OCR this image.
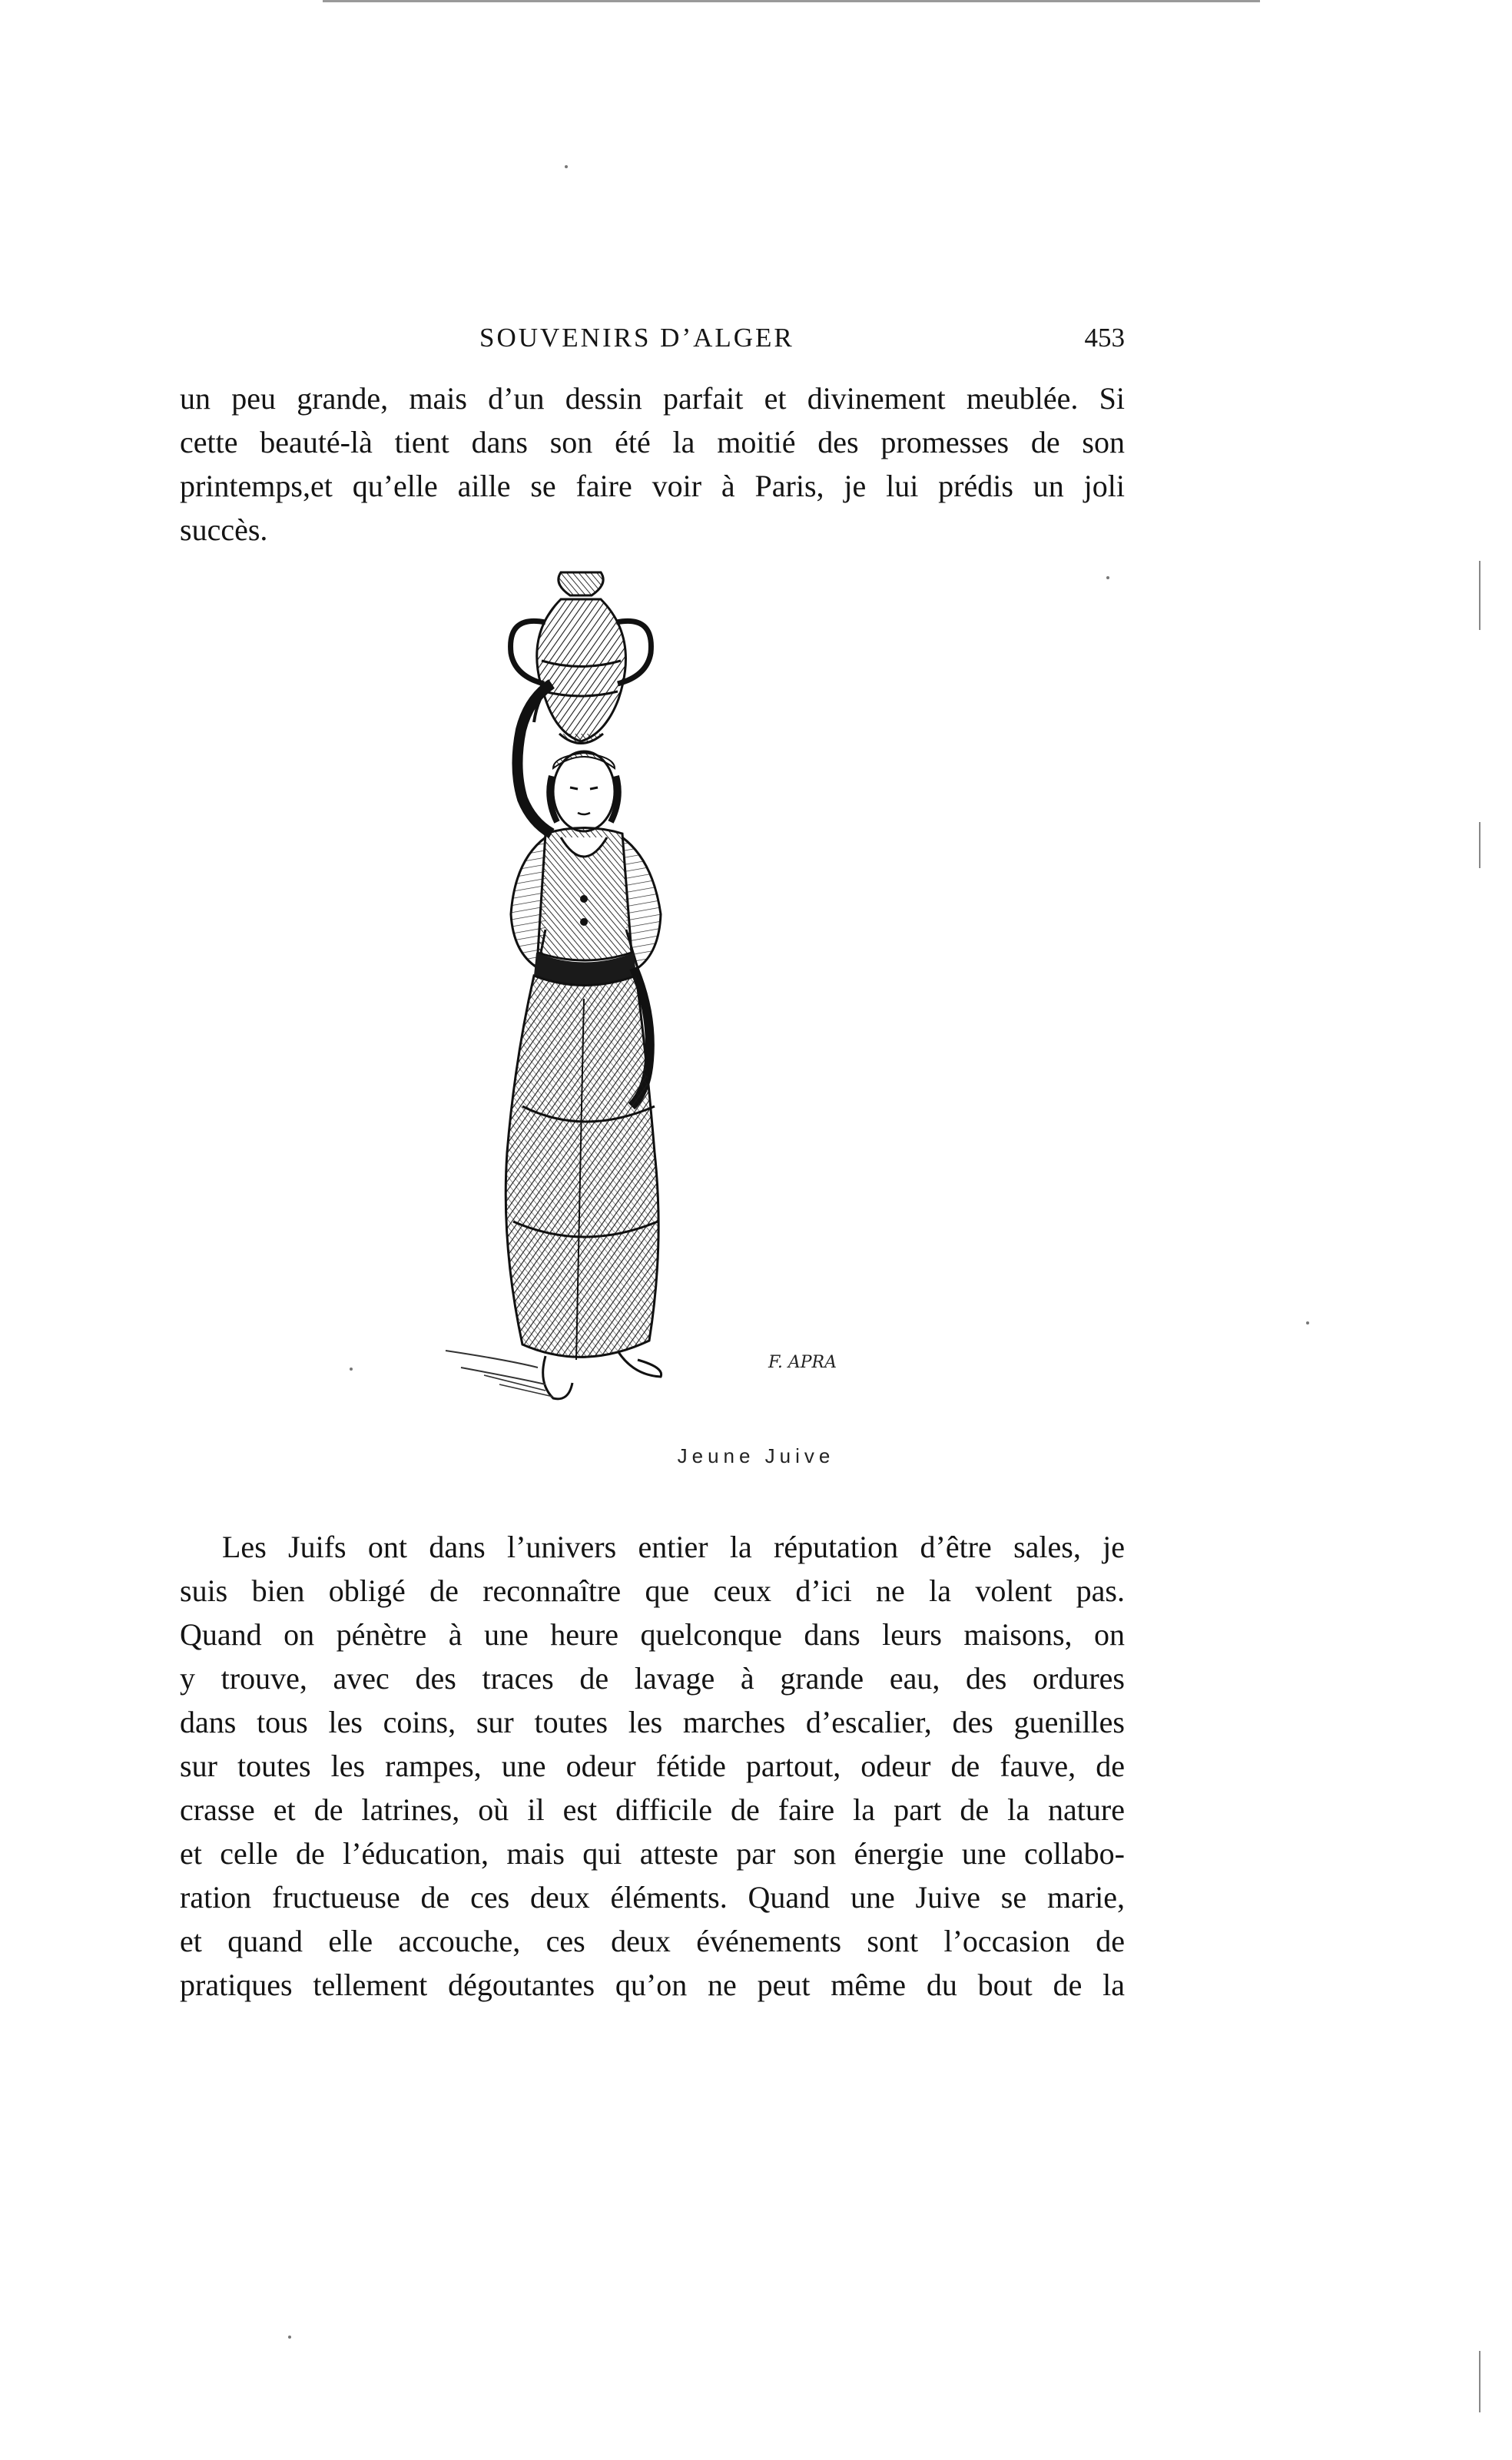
SOUVENIRS D’ALGER	453
un peu grande, mais d’un dessin parfait et divinement meublée. Si
cette beauté-là tient dans son été la moitié des promesses de son
printemps,et qu’elle aille se faire voir à Paris, je lui prédis un joli
succès.
F. APRA
Jeune Juive
Les Juifs ont dans l’univers entier la réputation d’être sales, je
suis bien obligé de reconnaître que ceux d’ici ne la volent pas.
Quand on pénètre à une heure quelconque dans leurs maisons, on
y trouve, avec des traces de lavage à grande eau, des ordures
dans tous les coins, sur toutes les marches d’escalier, des guenilles
sur toutes les rampes, une odeur fétide partout, odeur de fauve, de
crasse et de latrines, où il est difficile de faire la part de la nature
et celle de l’éducation, mais qui atteste par son énergie une collabo-
ration fructueuse de ces deux éléments. Quand une Juive se marie,
et quand elle accouche, ces deux événements sont l’occasion de
pratiques tellement dégoutantes qu’on ne peut même du bout de la
